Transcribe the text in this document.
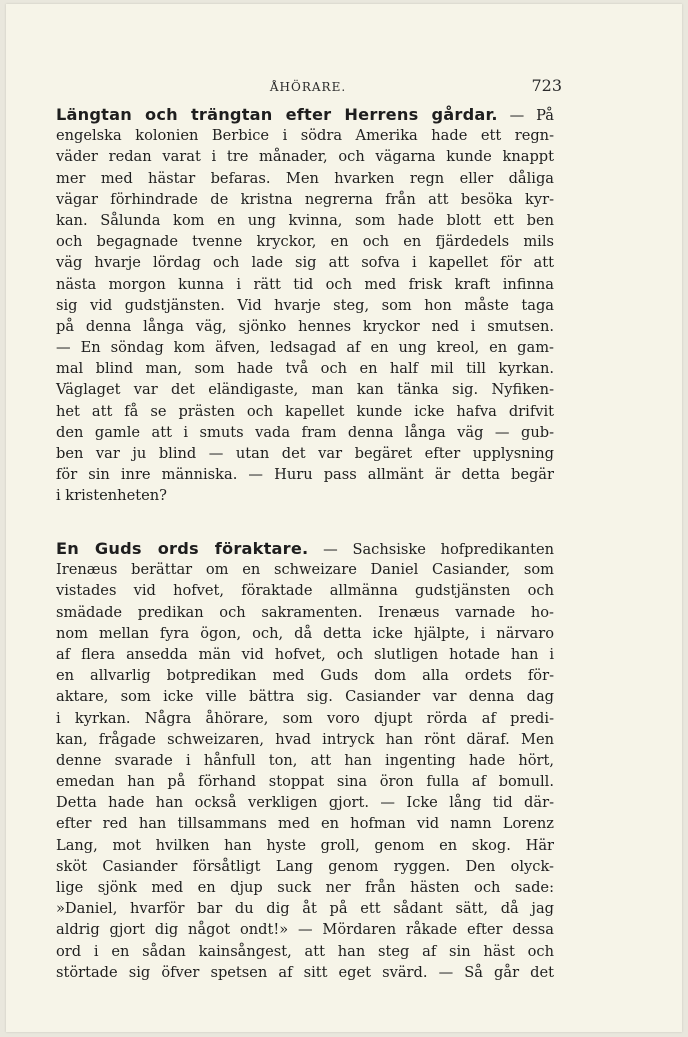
ÅHÖRARE.	723
Längtan och trängtan efter Herrens gårdar. — På
engelska kolonien Berbice i södra Amerika hade ett regn-
väder redan varat i tre månader, och vägarna kunde knappt
mer med hästar befaras. Men hvarken regn eller dåliga
vägar förhindrade de kristna negrerna från att besöka kyr-
kan. Sålunda kom en ung kvinna, som hade blott ett ben
och begagnade tvenne kryckor, en och en fjärdedels mils
väg hvarje lördag och lade sig att sofva i kapellet för att
nästa morgon kunna i rätt tid och med frisk kraft infinna
sig vid gudstjänsten. Vid hvarje steg, som hon måste taga
på denna långa väg, sjönko hennes kryckor ned i smutsen.
— En söndag kom äfven, ledsagad af en ung kreol, en gam-
mal blind man, som hade två och en half mil till kyrkan.
Väglaget var det eländigaste, man kan tänka sig. Nyfiken-
het att få se prästen och kapellet kunde icke hafva drifvit
den gamle att i smuts vada fram denna långa väg — gub-
ben var ju blind — utan det var begäret efter upplysning
för sin inre människa. — Huru pass allmänt är detta begär
i kristenheten?
En Guds ords föraktare. — Sachsiske hofpredikanten
Irenæus berättar om en schweizare Daniel Casiander, som
vistades vid hofvet, föraktade allmänna gudstjänsten och
smädade predikan och sakramenten. Irenæus varnade ho-
nom mellan fyra ögon, och, då detta icke hjälpte, i närvaro
af flera ansedda män vid hofvet, och slutligen hotade han i
en allvarlig botpredikan med Guds dom alla ordets för-
aktare, som icke ville bättra sig. Casiander var denna dag
i kyrkan. Några åhörare, som voro djupt rörda af predi-
kan, frågade schweizaren, hvad intryck han rönt däraf. Men
denne svarade i hånfull ton, att han ingenting hade hört,
emedan han på förhand stoppat sina öron fulla af bomull.
Detta hade han också verkligen gjort. — Icke lång tid där-
efter red han tillsammans med en hofman vid namn Lorenz
Lang, mot hvilken han hyste groll, genom en skog. Här
sköt Casiander försåtligt Lang genom ryggen. Den olyck-
lige sjönk med en djup suck ner från hästen och sade:
»Daniel, hvarför bar du dig åt på ett sådant sätt, då jag
aldrig gjort dig något ondt!» — Mördaren råkade efter dessa
ord i en sådan kainsångest, att han steg af sin häst och
störtade sig öfver spetsen af sitt eget svärd. — Så går det
